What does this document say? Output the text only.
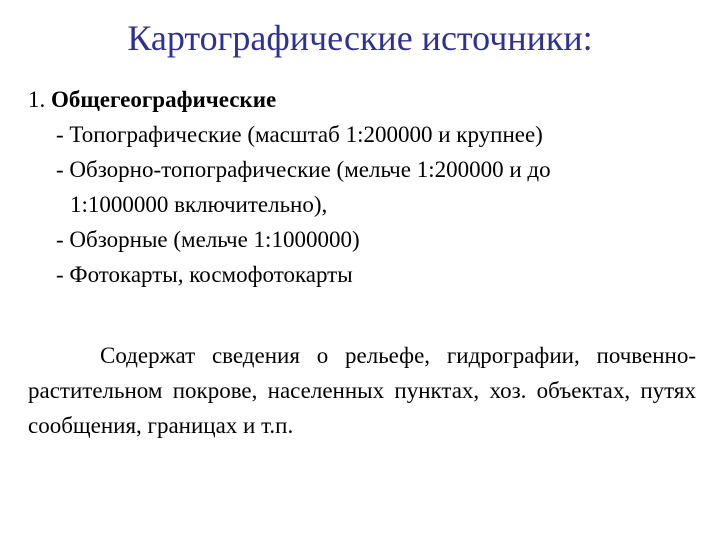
Картографические источники:
1. Общегеографические
- Топографические (масштаб 1:200000 и крупнее)
- Обзорно-топографические (мельче 1:200000 и до
1:1000000 включительно),
- Обзорные (мельче 1:1000000)
- Фотокарты, космофотокарты
Содержат сведения о рельефе, гидрографии, почвенно-растительном покрове, населенных пунктах, хоз. объектах, путях сообщения, границах и т.п.
